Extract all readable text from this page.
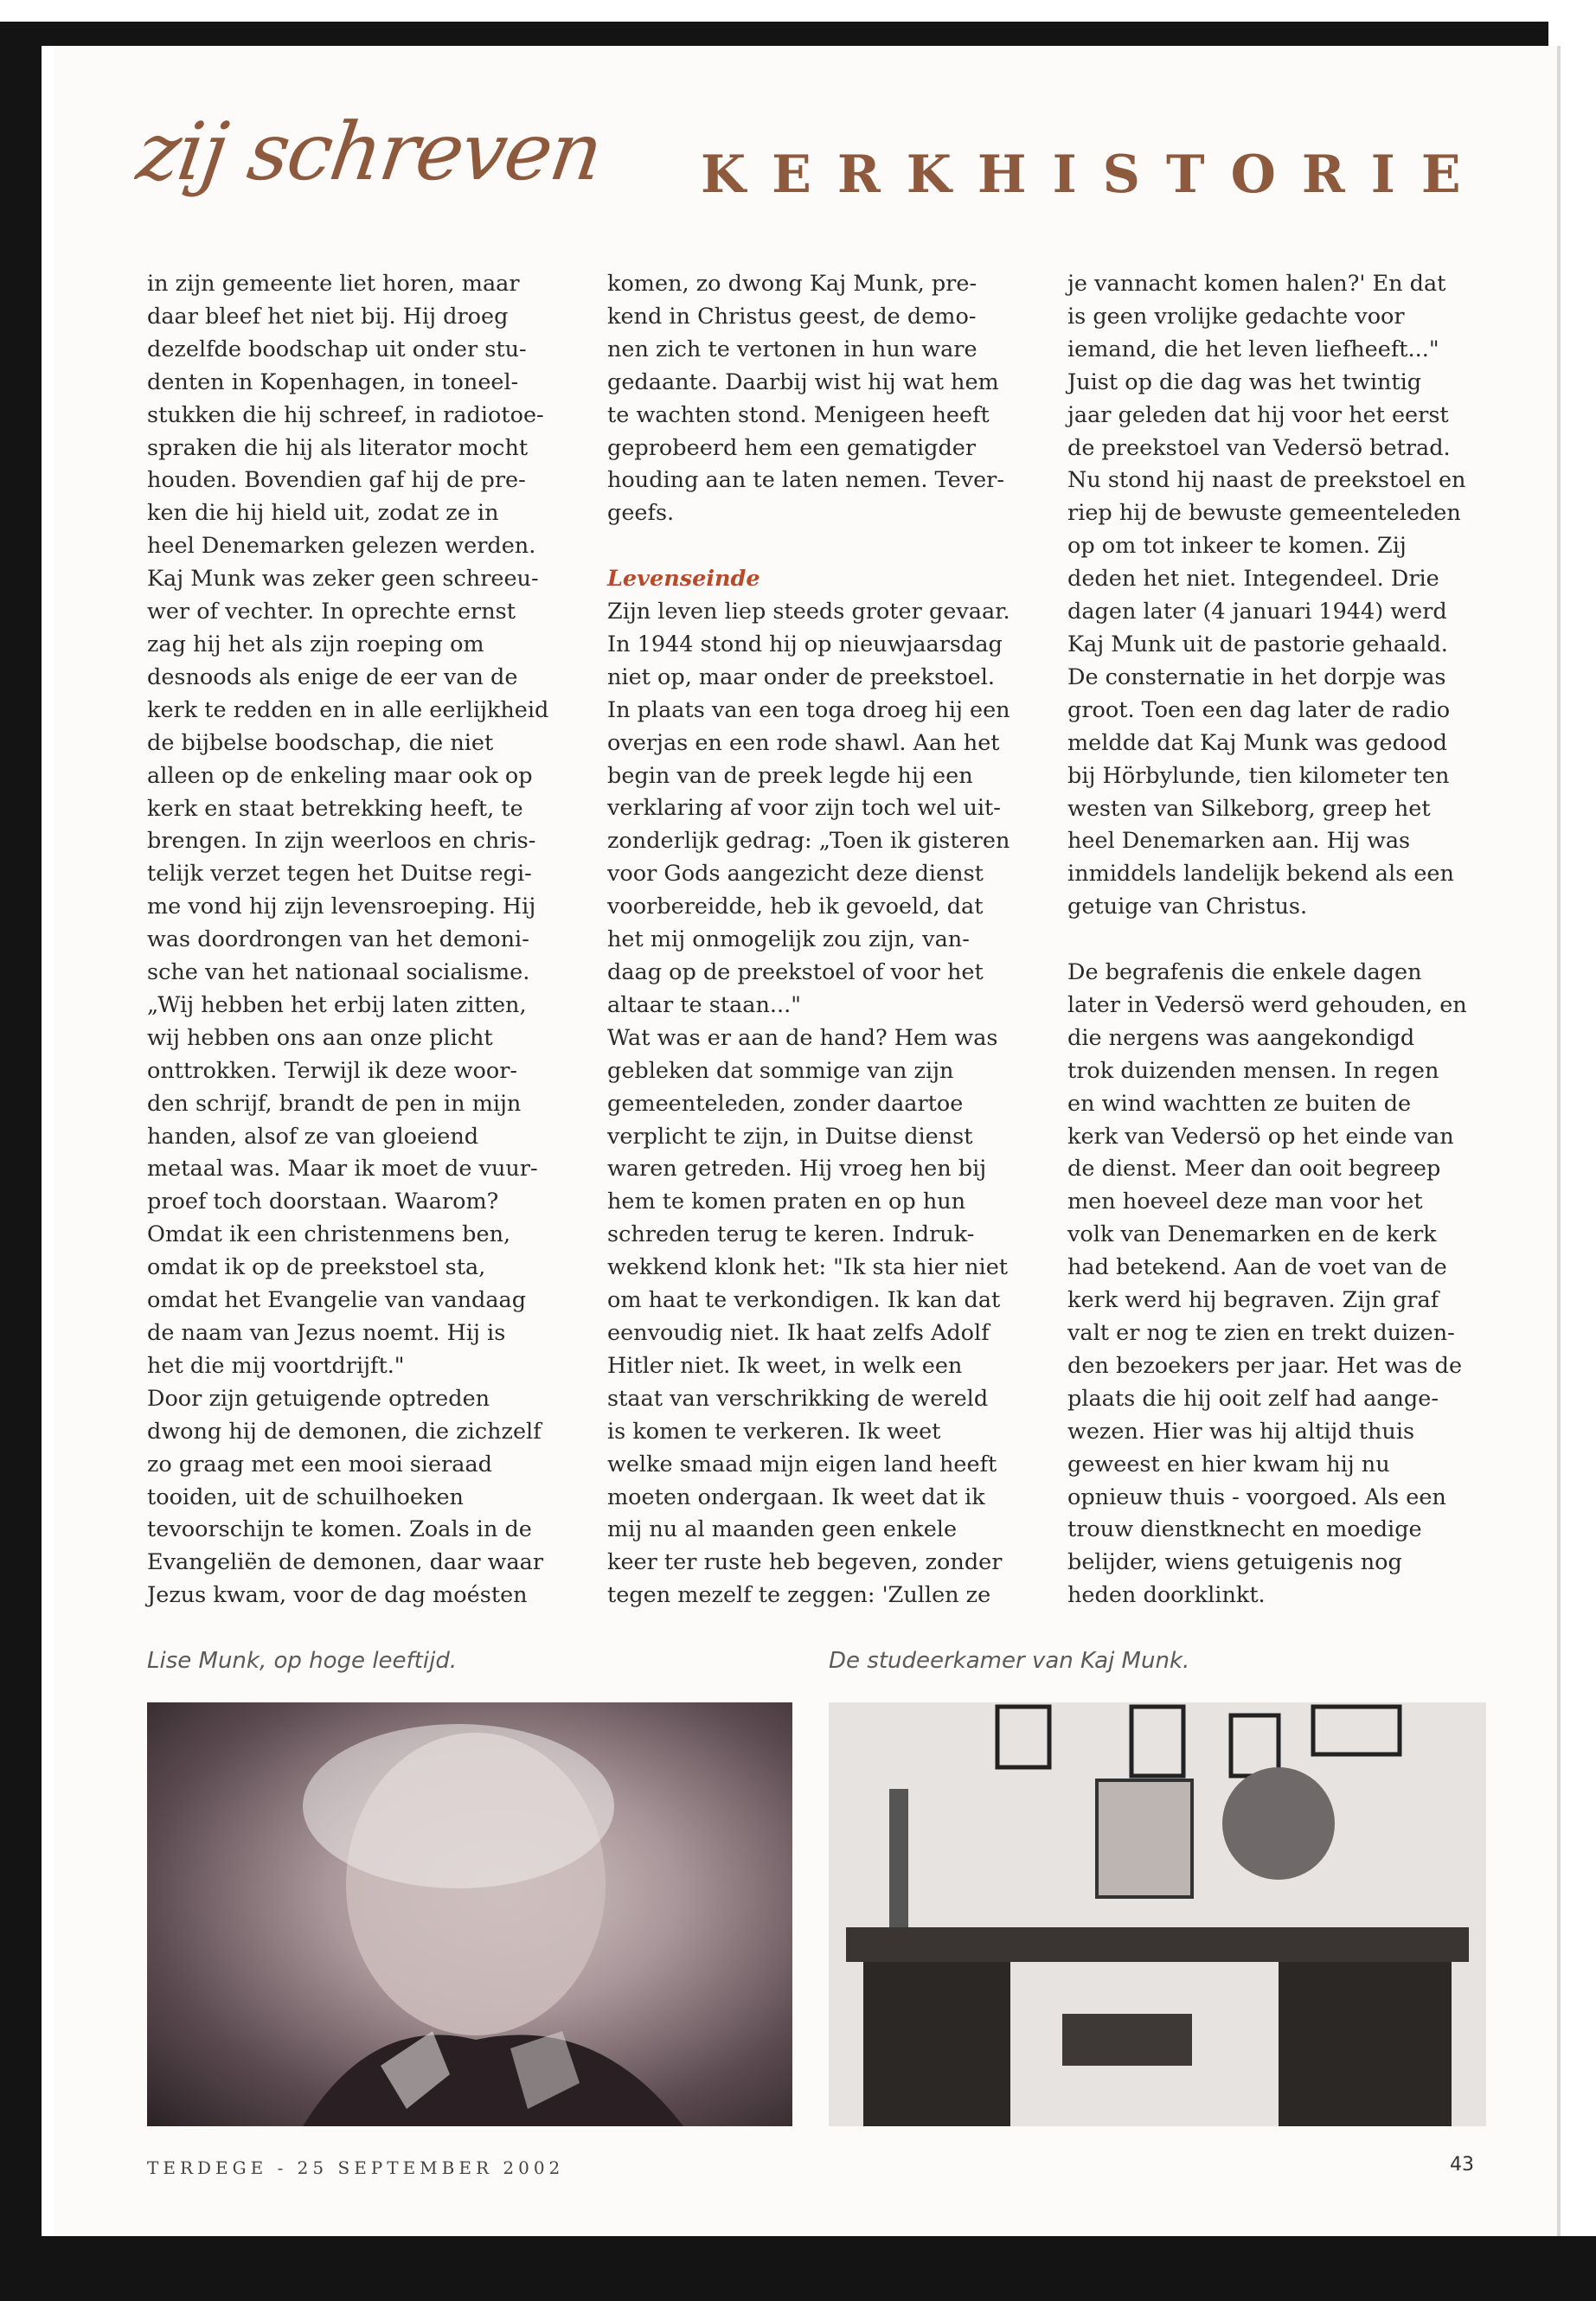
zij schreven KERKHISTORIE

in zijn gemeente liet horen, maar

daar bleef het niet bij. Hij droeg

dezelfde boodschap uit onder stu-

denten in Kopenhagen, in toneel-

stukken die hij schreef, in radiotoe-

spraken die hij als literator mocht

houden. Bovendien gaf hij de pre-

ken die hij hield uit, zodat ze in

heel Denemarken gelezen werden.

Kaj Munk was zeker geen schreeu-

wer of vechter. In oprechte ernst

zag hij het als zijn roeping om

desnoods als enige de eer van de

kerk te redden en in alle eerlijkheid

de bijbelse boodschap, die niet

alleen op de enkeling maar ook op

kerk en staat betrekking heeft, te

brengen. In zijn weerloos en chris-

telijk verzet tegen het Duitse regi-

me vond hij zijn levensroeping. Hij

was doordrongen van het demoni-

sche van het nationaal socialisme.

„Wij hebben het erbij laten zitten,

wij hebben ons aan onze plicht

onttrokken. Terwijl ik deze woor-

den schrijf, brandt de pen in mijn

handen, alsof ze van gloeiend

metaal was. Maar ik moet de vuur-

proef toch doorstaan. Waarom?

Omdat ik een christenmens ben,

omdat ik op de preekstoel sta,

omdat het Evangelie van vandaag

de naam van Jezus noemt. Hij is

het die mij voortdrijft."

Door zijn getuigende optreden

dwong hij de demonen, die zichzelf

zo graag met een mooi sieraad

tooiden, uit de schuilhoeken

tevoorschijn te komen. Zoals in de

Evangeliën de demonen, daar waar

Jezus kwam, voor de dag moésten

komen, zo dwong Kaj Munk, pre-

kend in Christus geest, de demo-

nen zich te vertonen in hun ware

gedaante. Daarbij wist hij wat hem

te wachten stond. Menigeen heeft

geprobeerd hem een gematigder

houding aan te laten nemen. Tever-

geefs.

Levenseinde

Zijn leven liep steeds groter gevaar.

In 1944 stond hij op nieuwjaarsdag

niet op, maar onder de preekstoel.

In plaats van een toga droeg hij een

overjas en een rode shawl. Aan het

begin van de preek legde hij een

verklaring af voor zijn toch wel uit-

zonderlijk gedrag: „Toen ik gisteren

voor Gods aangezicht deze dienst

voorbereidde, heb ik gevoeld, dat

het mij onmogelijk zou zijn, van-

daag op de preekstoel of voor het

altaar te staan..."

Wat was er aan de hand? Hem was

gebleken dat sommige van zijn

gemeenteleden, zonder daartoe

verplicht te zijn, in Duitse dienst

waren getreden. Hij vroeg hen bij

hem te komen praten en op hun

schreden terug te keren. Indruk-

wekkend klonk het: "Ik sta hier niet

om haat te verkondigen. Ik kan dat

eenvoudig niet. Ik haat zelfs Adolf

Hitler niet. Ik weet, in welk een

staat van verschrikking de wereld

is komen te verkeren. Ik weet

welke smaad mijn eigen land heeft

moeten ondergaan. Ik weet dat ik

mij nu al maanden geen enkele

keer ter ruste heb begeven, zonder

tegen mezelf te zeggen: 'Zullen ze

je vannacht komen halen?' En dat

is geen vrolijke gedachte voor

iemand, die het leven liefheeft..."

Juist op die dag was het twintig

jaar geleden dat hij voor het eerst

de preekstoel van Vedersö betrad.

Nu stond hij naast de preekstoel en

riep hij de bewuste gemeenteleden

op om tot inkeer te komen. Zij

deden het niet. Integendeel. Drie

dagen later (4 januari 1944) werd

Kaj Munk uit de pastorie gehaald.

De consternatie in het dorpje was

groot. Toen een dag later de radio

meldde dat Kaj Munk was gedood

bij Hörbylunde, tien kilometer ten

westen van Silkeborg, greep het

heel Denemarken aan. Hij was

inmiddels landelijk bekend als een

getuige van Christus.

De begrafenis die enkele dagen

later in Vedersö werd gehouden, en

die nergens was aangekondigd

trok duizenden mensen. In regen

en wind wachtten ze buiten de

kerk van Vedersö op het einde van

de dienst. Meer dan ooit begreep

men hoeveel deze man voor het

volk van Denemarken en de kerk

had betekend. Aan de voet van de

kerk werd hij begraven. Zijn graf

valt er nog te zien en trekt duizen-

den bezoekers per jaar. Het was de

plaats die hij ooit zelf had aange-

wezen. Hier was hij altijd thuis

geweest en hier kwam hij nu

opnieuw thuis - voorgoed. Als een

trouw dienstknecht en moedige

belijder, wiens getuigenis nog

heden doorklinkt.

Lise Munk, op hoge leeftijd.	De studeerkamer van Kaj Munk.
TERDEGE - 25 SEPTEMBER 2002	43
